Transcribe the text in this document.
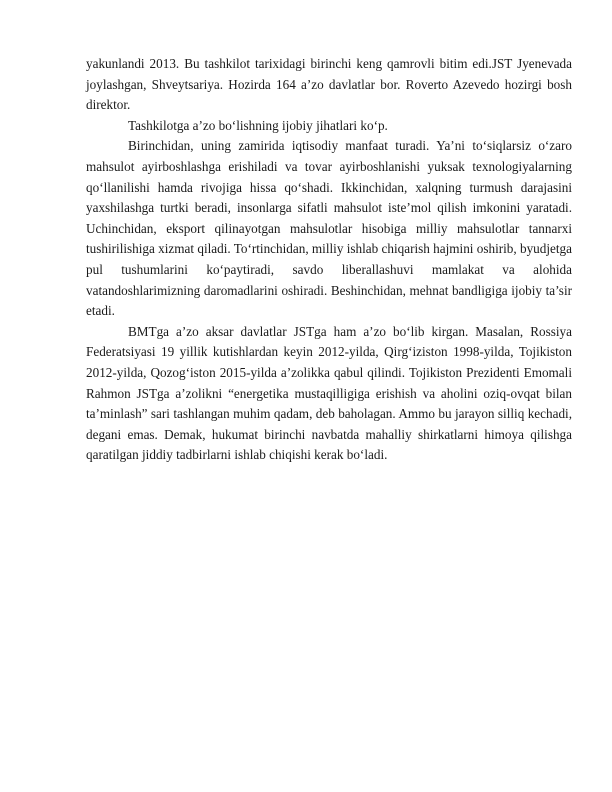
yakunlandi 2013. Bu tashkilot tarixidagi birinchi keng qamrovli bitim edi.JST Jyenevada joylashgan, Shveytsariya. Hozirda 164 a’zo davlatlar bor. Roverto Azevedo hozirgi bosh direktor.

Tashkilotga a’zo bo‘lishning ijobiy jihatlari ko‘p.

Birinchidan, uning zamirida iqtisodiy manfaat turadi. Ya’ni to‘siqlarsiz o‘zaro mahsulot ayirboshlashga erishiladi va tovar ayirboshlanishi yuksak texnologiyalarning qo‘llanilishi hamda rivojiga hissa qo‘shadi. Ikkinchidan, xalqning turmush darajasini yaxshilashga turtki beradi, insonlarga sifatli mahsulot iste’mol qilish imkonini yaratadi. Uchinchidan, eksport qilinayotgan mahsulotlar hisobiga milliy mahsulotlar tannarxi tushirilishiga xizmat qiladi. To‘rtinchidan, milliy ishlab chiqarish hajmini oshirib, byudjetga pul tushumlarini ko‘paytiradi, savdo liberallashuvi mamlakat va alohida vatandoshlarimizning daromadlarini oshiradi. Beshinchidan, mehnat bandligiga ijobiy ta’sir etadi.

BMTga a’zo aksar davlatlar JSTga ham a’zo bo‘lib kirgan. Masalan, Rossiya Federatsiyasi 19 yillik kutishlardan keyin 2012-yilda, Qirg‘iziston 1998-yilda, Tojikiston 2012-yilda, Qozog‘iston 2015-yilda a’zolikka qabul qilindi. Tojikiston Prezidenti Emomali Rahmon JSTga a’zolikni “energetika mustaqilligiga erishish va aholini oziq-ovqat bilan ta’minlash” sari tashlangan muhim qadam, deb baholagan. Ammo bu jarayon silliq kechadi, degani emas. Demak, hukumat birinchi navbatda mahalliy shirkatlarni himoya qilishga qaratilgan jiddiy tadbirlarni ishlab chiqishi kerak bo‘ladi.
